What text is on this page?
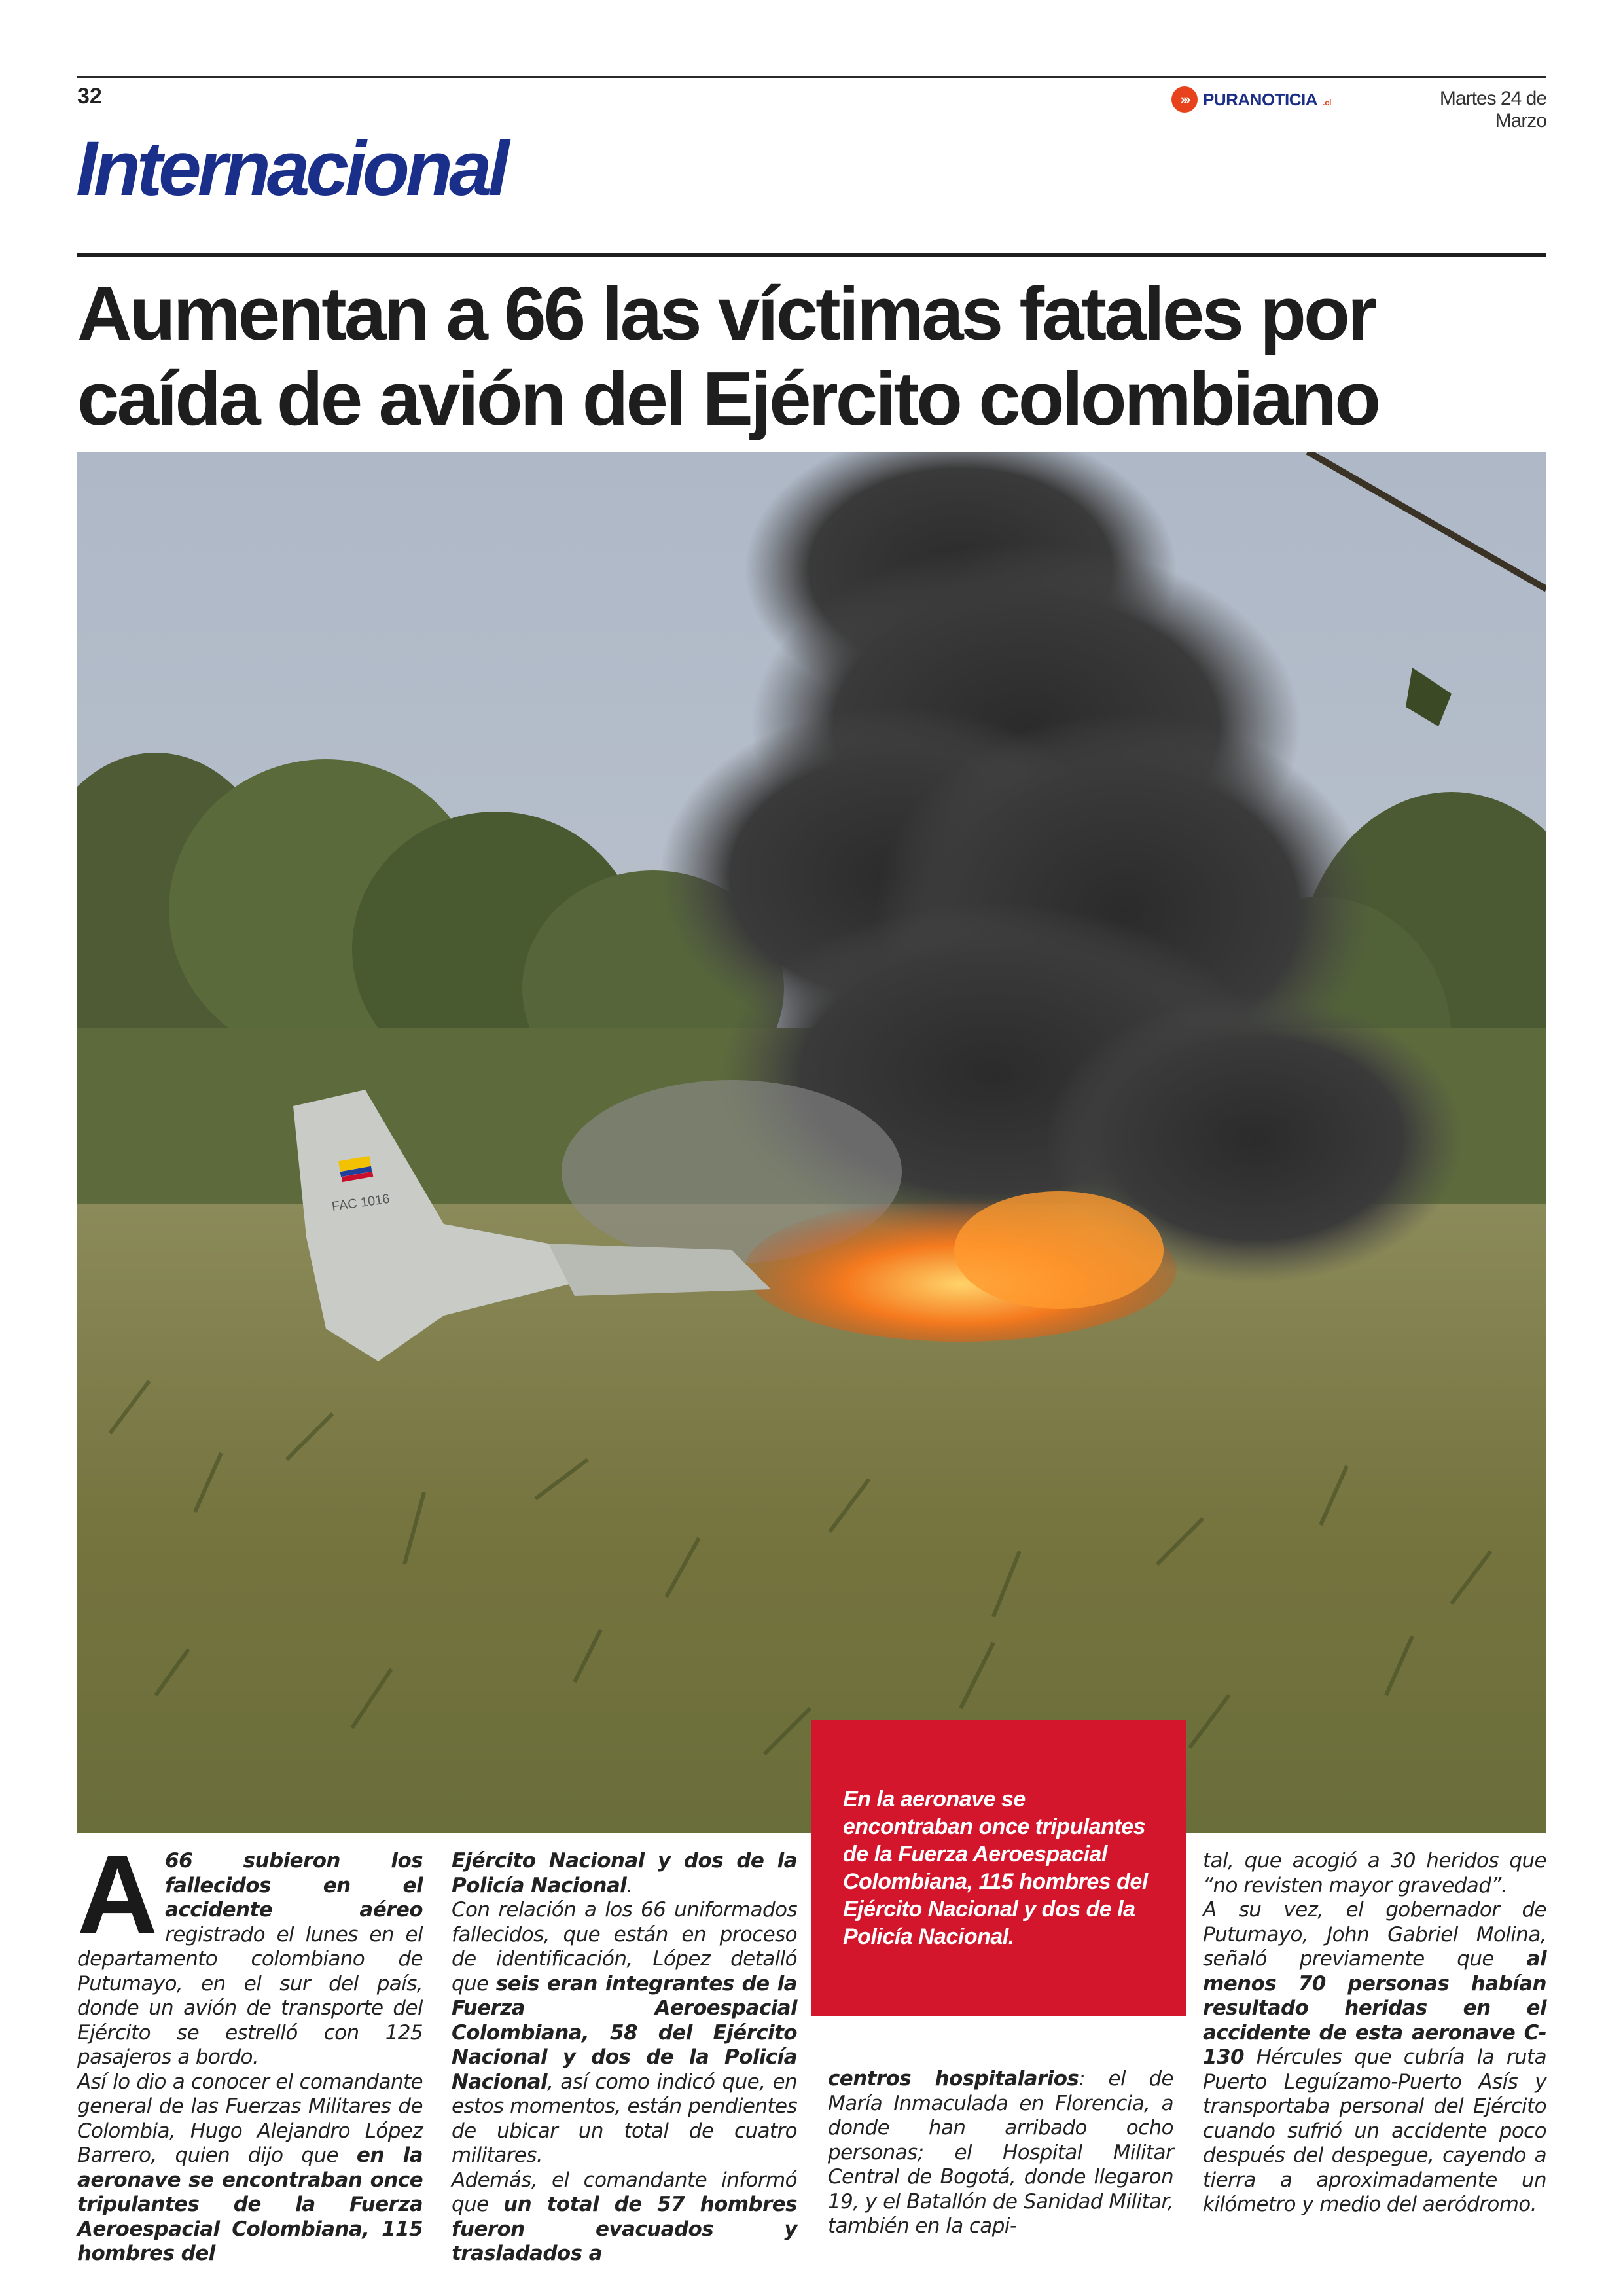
32	››› PURANOTICIA .cl	Martes 24 de Marzo
Internacional
Aumentan a 66 las víctimas fatales por caída de avión del Ejército colombiano
FAC 1016
En la aeronave se encontraban once tripulantes de la Fuerza Aeroespacial Colombiana, 115 hombres del Ejército Nacional y dos de la Policía Nacional.
A 66 subieron los fallecidos en el accidente aéreo registrado el lunes en el departamento colombiano de Putumayo, en el sur del país, donde un avión de transporte del Ejército se estrelló con 125 pasajeros a bordo.

Así lo dio a conocer el comandante general de las Fuerzas Militares de Colombia, Hugo Alejandro López Barrero, quien dijo que en la aeronave se encontraban once tripulantes de la Fuerza Aeroespacial Colombiana, 115 hombres del

Ejército Nacional y dos de la Policía Nacional.

Con relación a los 66 uniformados fallecidos, que están en proceso de identificación, López detalló que seis eran integrantes de la Fuerza Aeroespacial Colombiana, 58 del Ejército Nacional y dos de la Policía Nacional, así como indicó que, en estos momentos, están pendientes de ubicar un total de cuatro militares.

Además, el comandante informó que un total de 57 hombres fueron evacuados y trasladados a

centros hospitalarios: el de María Inmaculada en Florencia, a donde han arribado ocho personas; el Hospital Militar Central de Bogotá, donde llegaron 19, y el Batallón de Sanidad Militar, también en la capi-

tal, que acogió a 30 heridos que “no revisten mayor gravedad”.

A su vez, el gobernador de Putumayo, John Gabriel Molina, señaló previamente que al menos 70 personas habían resultado heridas en el accidente de esta aeronave C-130 Hércules que cubría la ruta Puerto Leguízamo-Puerto Asís y transportaba personal del Ejército cuando sufrió un accidente poco después del despegue, cayendo a tierra a aproximadamente un kilómetro y medio del aeródromo.
